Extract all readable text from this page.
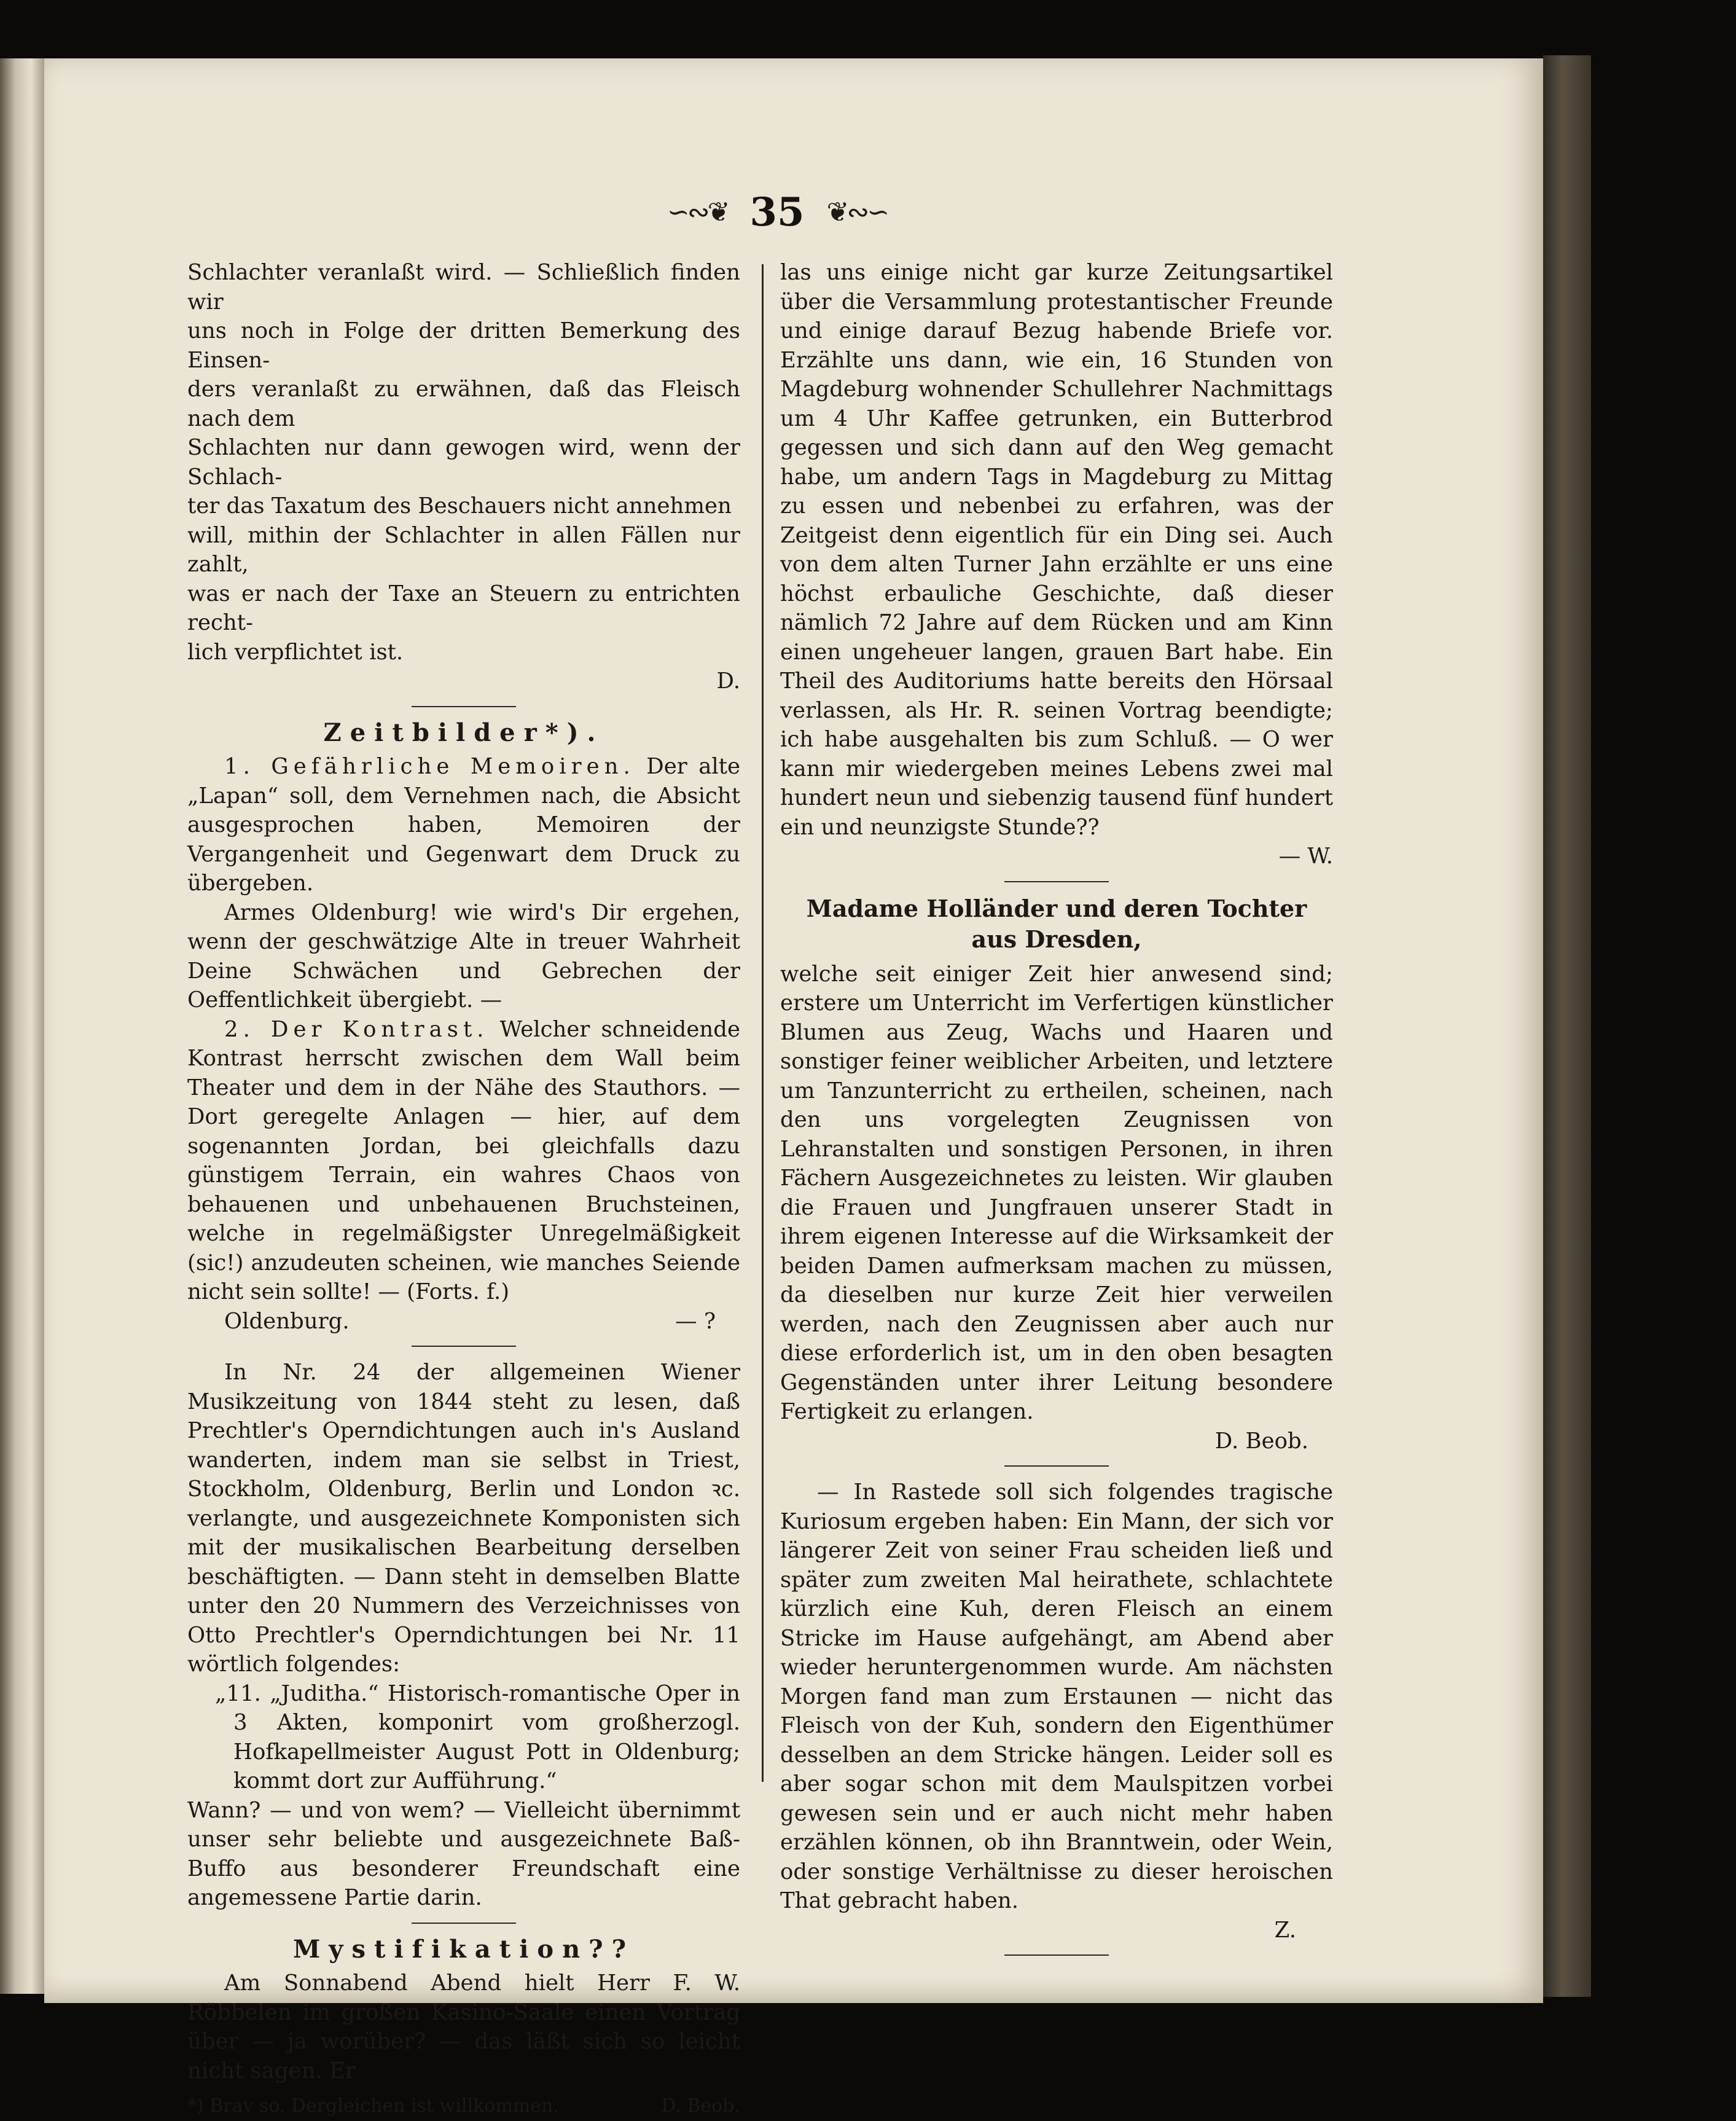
∽∾❦ 35 ❦∾∽

Schlachter veranlaßt wird. — Schließlich finden wir

uns noch in Folge der dritten Bemerkung des Einsen-

ders veranlaßt zu erwähnen, daß das Fleisch nach dem

Schlachten nur dann gewogen wird, wenn der Schlach-

ter das Taxatum des Beschauers nicht annehmen

will, mithin der Schlachter in allen Fällen nur zahlt,

was er nach der Taxe an Steuern zu entrichten recht-

lich verpflichtet ist.

D.

Zeitbilder*).

1. Gefährliche Memoiren. Der alte „Lapan“ soll, dem Vernehmen nach, die Absicht ausgesprochen haben, Memoiren der Vergangenheit und Gegenwart dem Druck zu übergeben.

Armes Oldenburg! wie wird's Dir ergehen, wenn der geschwätzige Alte in treuer Wahrheit Deine Schwächen und Gebrechen der Oeffentlichkeit übergiebt. —

2. Der Kontrast. Welcher schneidende Kontrast herrscht zwischen dem Wall beim Theater und dem in der Nähe des Stauthors. — Dort geregelte Anlagen — hier, auf dem sogenannten Jordan, bei gleichfalls dazu günstigem Terrain, ein wahres Chaos von behauenen und unbehauenen Bruchsteinen, welche in regelmäßigster Unregelmäßigkeit (sic!) anzudeuten scheinen, wie manches Seiende nicht sein sollte! — (Forts. f.)

Oldenburg.	— ?

In Nr. 24 der allgemeinen Wiener Musikzeitung von 1844 steht zu lesen, daß Prechtler's Operndichtungen auch in's Ausland wanderten, indem man sie selbst in Triest, Stockholm, Oldenburg, Berlin und London ꝛc. verlangte, und ausgezeichnete Komponisten sich mit der musikalischen Bearbeitung derselben beschäftigten. — Dann steht in demselben Blatte unter den 20 Nummern des Verzeichnisses von Otto Prechtler's Operndichtungen bei Nr. 11 wörtlich folgendes:

„11. „Juditha.“ Historisch-romantische Oper in 3 Akten, komponirt vom großherzogl. Hofkapellmeister August Pott in Oldenburg; kommt dort zur Aufführung.“

Wann? — und von wem? — Vielleicht übernimmt unser sehr beliebte und ausgezeichnete Baß-Buffo aus besonderer Freundschaft eine angemessene Partie darin.

Mystifikation??

Am Sonnabend Abend hielt Herr F. W. Röbbelen im großen Kasino-Saale einen Vortrag über — ja worüber? — das läßt sich so leicht nicht sagen. Er

*) Brav so. Dergleichen ist willkommen.	D. Beob.

las uns einige nicht gar kurze Zeitungsartikel über die Versammlung protestantischer Freunde und einige darauf Bezug habende Briefe vor. Erzählte uns dann, wie ein, 16 Stunden von Magdeburg wohnender Schullehrer Nachmittags um 4 Uhr Kaffee getrunken, ein Butterbrod gegessen und sich dann auf den Weg gemacht habe, um andern Tags in Magdeburg zu Mittag zu essen und nebenbei zu erfahren, was der Zeitgeist denn eigentlich für ein Ding sei. Auch von dem alten Turner Jahn erzählte er uns eine höchst erbauliche Geschichte, daß dieser nämlich 72 Jahre auf dem Rücken und am Kinn einen ungeheuer langen, grauen Bart habe. Ein Theil des Auditoriums hatte bereits den Hörsaal verlassen, als Hr. R. seinen Vortrag beendigte; ich habe ausgehalten bis zum Schluß. — O wer kann mir wiedergeben meines Lebens zwei mal hundert neun und siebenzig tausend fünf hundert ein und neunzigste Stunde??

— W.

Madame Holländer und deren Tochter aus Dresden,

welche seit einiger Zeit hier anwesend sind; erstere um Unterricht im Verfertigen künstlicher Blumen aus Zeug, Wachs und Haaren und sonstiger feiner weiblicher Arbeiten, und letztere um Tanzunterricht zu ertheilen, scheinen, nach den uns vorgelegten Zeugnissen von Lehranstalten und sonstigen Personen, in ihren Fächern Ausgezeichnetes zu leisten. Wir glauben die Frauen und Jungfrauen unserer Stadt in ihrem eigenen Interesse auf die Wirksamkeit der beiden Damen aufmerksam machen zu müssen, da dieselben nur kurze Zeit hier verweilen werden, nach den Zeugnissen aber auch nur diese erforderlich ist, um in den oben besagten Gegenständen unter ihrer Leitung besondere Fertigkeit zu erlangen.

D. Beob.

— In Rastede soll sich folgendes tragische Kuriosum ergeben haben: Ein Mann, der sich vor längerer Zeit von seiner Frau scheiden ließ und später zum zweiten Mal heirathete, schlachtete kürzlich eine Kuh, deren Fleisch an einem Stricke im Hause aufgehängt, am Abend aber wieder heruntergenommen wurde. Am nächsten Morgen fand man zum Erstaunen — nicht das Fleisch von der Kuh, sondern den Eigenthümer desselben an dem Stricke hängen. Leider soll es aber sogar schon mit dem Maulspitzen vorbei gewesen sein und er auch nicht mehr haben erzählen können, ob ihn Branntwein, oder Wein, oder sonstige Verhältnisse zu dieser heroischen That gebracht haben.

Z.
